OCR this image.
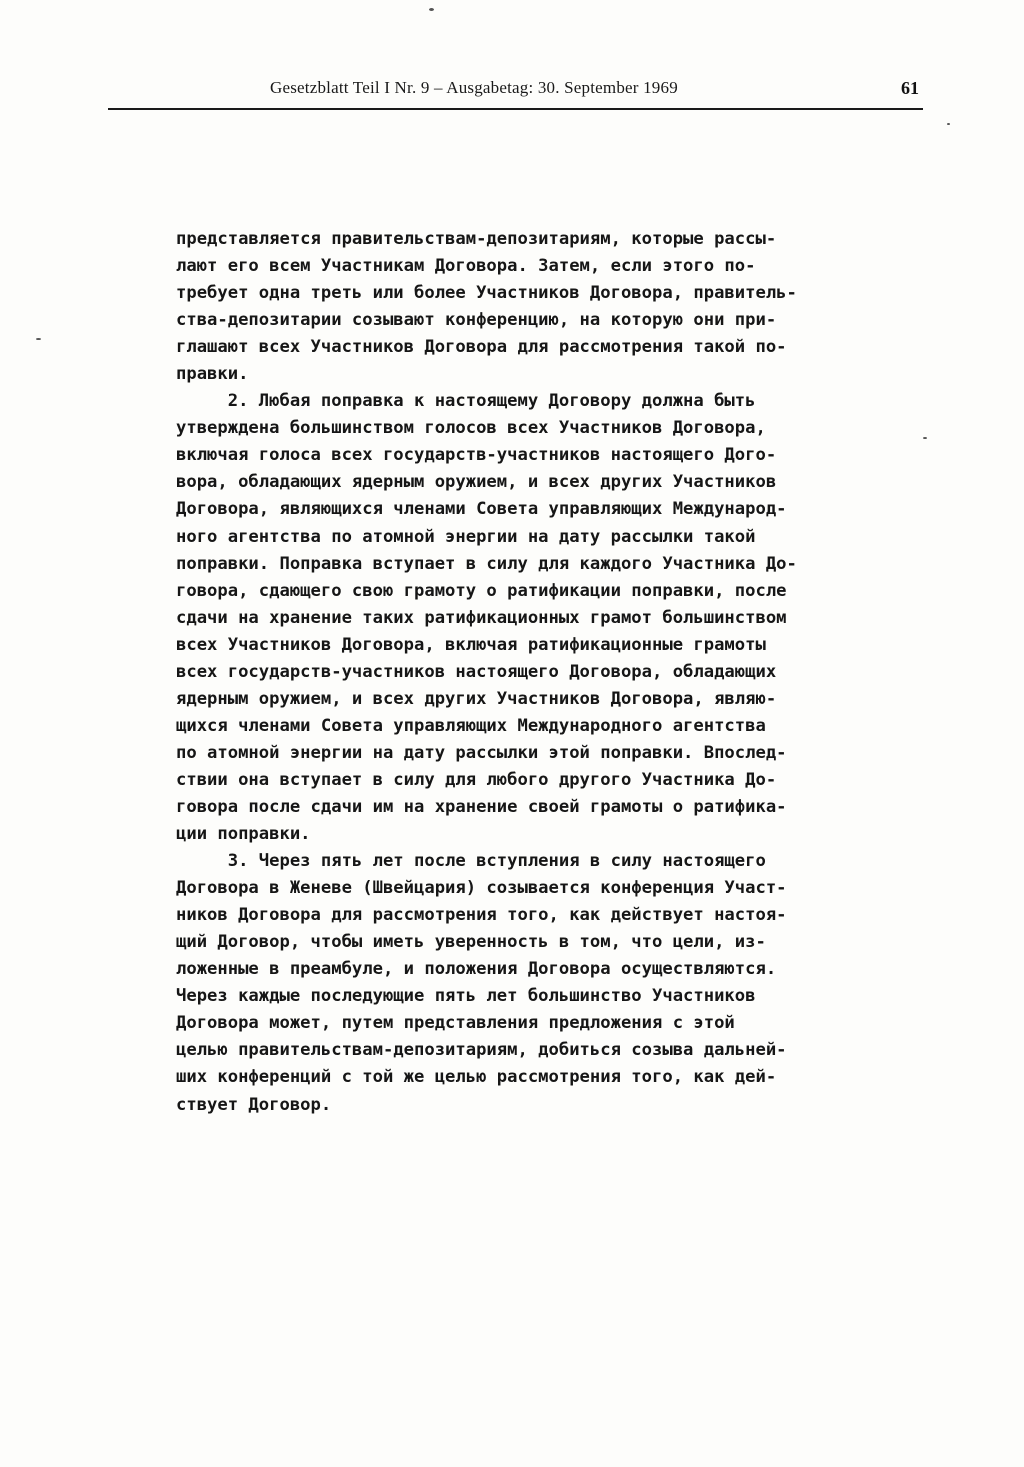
Gesetzblatt Teil I Nr. 9 – Ausgabetag: 30. September 1969	61
представляется правительствам-депозитариям, которые рассы-
лают его всем Участникам Договора. Затем, если этого по-
требует одна треть или более Участников Договора, правитель-
ства-депозитарии созывают конференцию, на которую они при-
глашают всех Участников Договора для рассмотрения такой по-
правки.
2. Любая поправка к настоящему Договору должна быть
утверждена большинством голосов всех Участников Договора,
включая голоса всех государств-участников настоящего Дого-
вора, обладающих ядерным оружием, и всех других Участников
Договора, являющихся членами Совета управляющих Международ-
ного агентства по атомной энергии на дату рассылки такой
поправки. Поправка вступает в силу для каждого Участника До-
говора, сдающего свою грамоту о ратификации поправки, после
сдачи на хранение таких ратификационных грамот большинством
всех Участников Договора, включая ратификационные грамоты
всех государств-участников настоящего Договора, обладающих
ядерным оружием, и всех других Участников Договора, являю-
щихся членами Совета управляющих Международного агентства
по атомной энергии на дату рассылки этой поправки. Впослед-
ствии она вступает в силу для любого другого Участника До-
говора после сдачи им на хранение своей грамоты о ратифика-
ции поправки.
3. Через пять лет после вступления в силу настоящего
Договора в Женеве (Швейцария) созывается конференция Участ-
ников Договора для рассмотрения того, как действует настоя-
щий Договор, чтобы иметь уверенность в том, что цели, из-
ложенные в преамбуле, и положения Договора осуществляются.
Через каждые последующие пять лет большинство Участников
Договора может, путем представления предложения с этой
целью правительствам-депозитариям, добиться созыва дальней-
ших конференций с той же целью рассмотрения того, как дей-
ствует Договор.
